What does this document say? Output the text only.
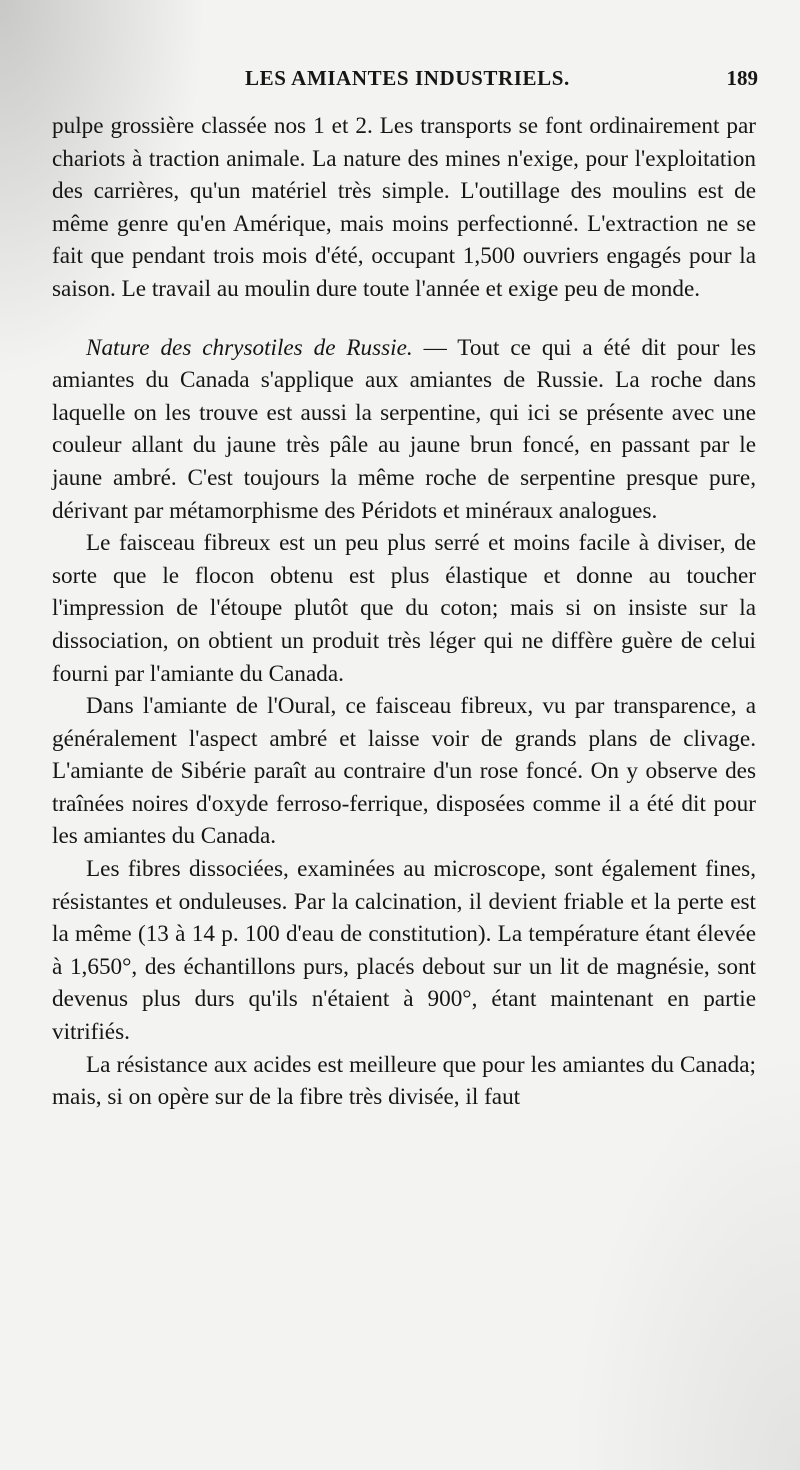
LES AMIANTES INDUSTRIELS.	189

pulpe grossière classée nos 1 et 2. Les transports se font ordinairement par chariots à traction animale. La nature des mines n'exige, pour l'exploitation des carrières, qu'un matériel très simple. L'outillage des moulins est de même genre qu'en Amérique, mais moins perfectionné. L'extraction ne se fait que pendant trois mois d'été, occupant 1,500 ouvriers engagés pour la saison. Le travail au moulin dure toute l'année et exige peu de monde.

Nature des chrysotiles de Russie. — Tout ce qui a été dit pour les amiantes du Canada s'applique aux amiantes de Russie. La roche dans laquelle on les trouve est aussi la serpentine, qui ici se présente avec une couleur allant du jaune très pâle au jaune brun foncé, en passant par le jaune ambré. C'est toujours la même roche de serpentine presque pure, dérivant par métamorphisme des Péridots et minéraux analogues.

Le faisceau fibreux est un peu plus serré et moins facile à diviser, de sorte que le flocon obtenu est plus élastique et donne au toucher l'impression de l'étoupe plutôt que du coton; mais si on insiste sur la dissociation, on obtient un produit très léger qui ne diffère guère de celui fourni par l'amiante du Canada.

Dans l'amiante de l'Oural, ce faisceau fibreux, vu par transparence, a généralement l'aspect ambré et laisse voir de grands plans de clivage. L'amiante de Sibérie paraît au contraire d'un rose foncé. On y observe des traînées noires d'oxyde ferroso-ferrique, disposées comme il a été dit pour les amiantes du Canada.

Les fibres dissociées, examinées au microscope, sont également fines, résistantes et onduleuses. Par la calcination, il devient friable et la perte est la même (13 à 14 p. 100 d'eau de constitution). La température étant élevée à 1,650°, des échantillons purs, placés debout sur un lit de magnésie, sont devenus plus durs qu'ils n'étaient à 900°, étant maintenant en partie vitrifiés.

La résistance aux acides est meilleure que pour les amiantes du Canada; mais, si on opère sur de la fibre très divisée, il faut
